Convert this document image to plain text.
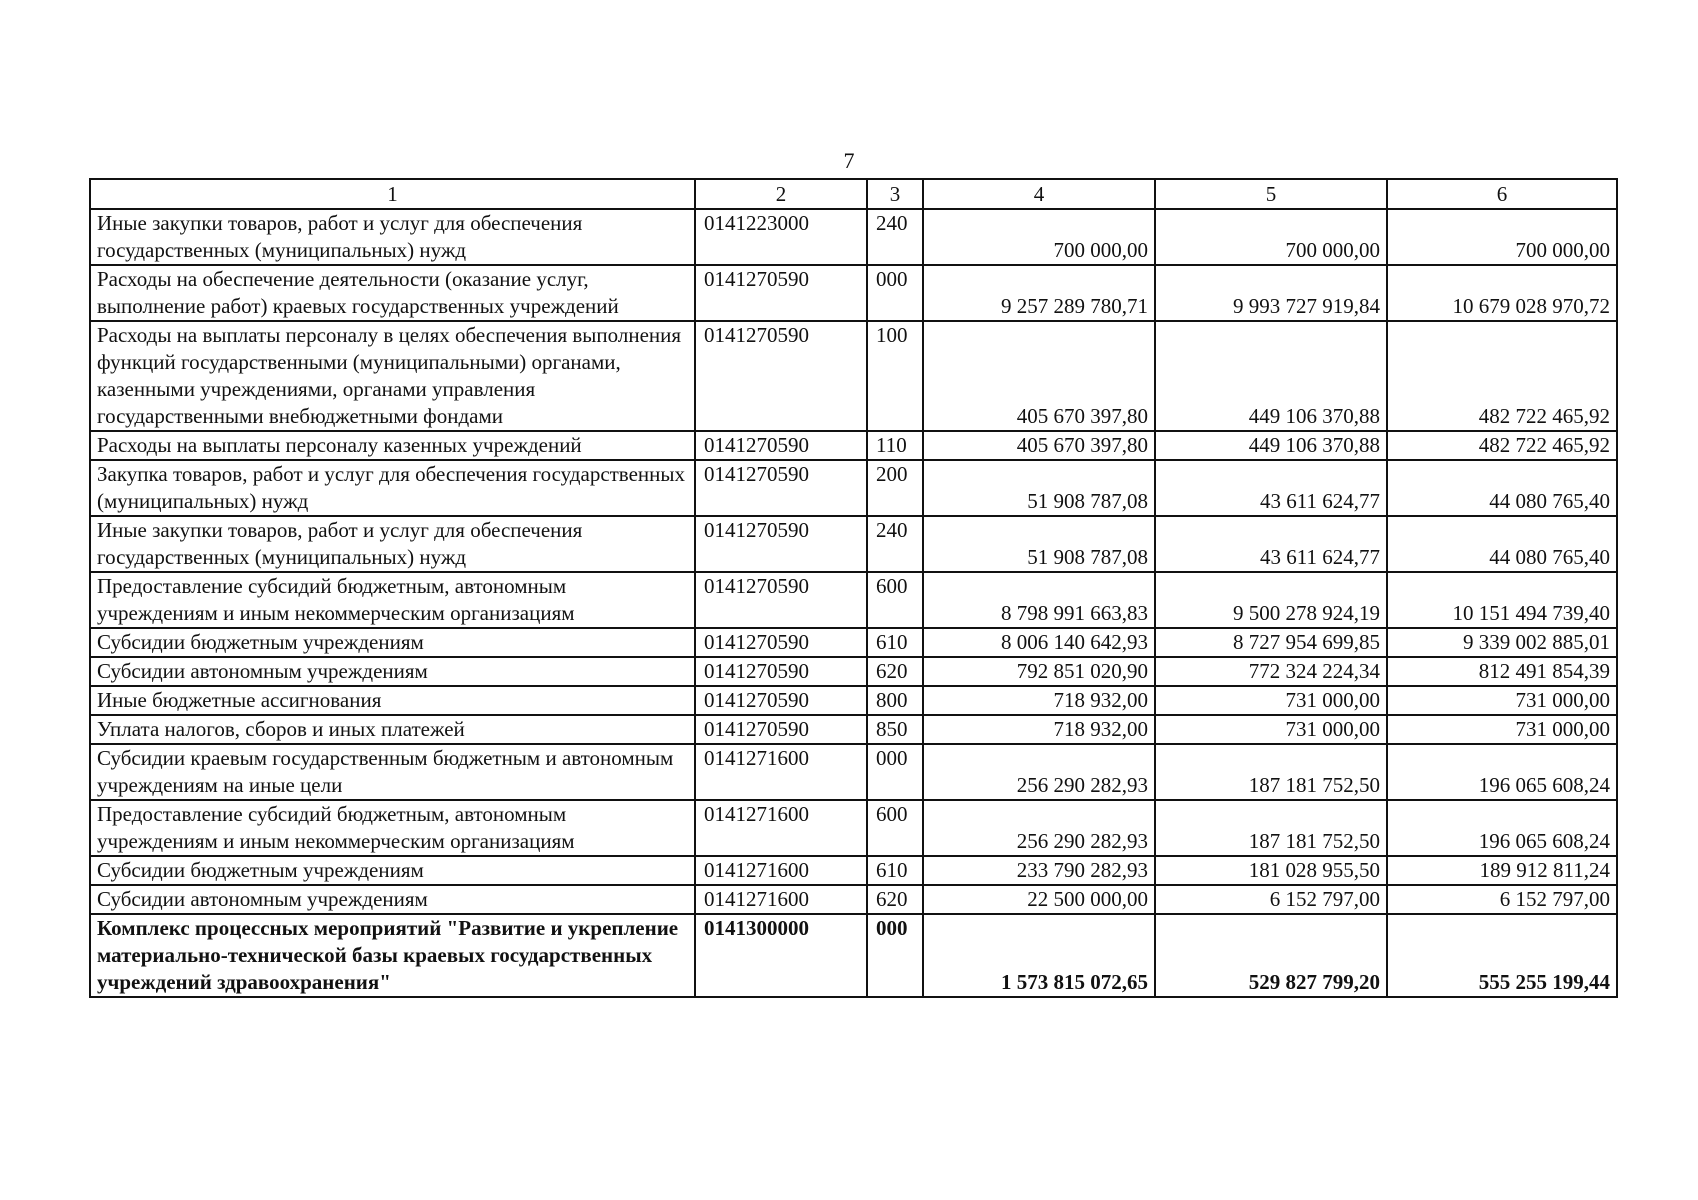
7
1	2	3	4	5	6
Иные закупки товаров, работ и услуг для обеспечения государственных (муниципальных) нужд	0141223000	240	700 000,00	700 000,00	700 000,00
Расходы на обеспечение деятельности (оказание услуг, выполнение работ) краевых государственных учреждений	0141270590	000	9 257 289 780,71	9 993 727 919,84	10 679 028 970,72
Расходы на выплаты персоналу в целях обеспечения выполнения функций государственными (муниципальными) органами, казенными учреждениями, органами управления государственными внебюджетными фондами	0141270590	100	405 670 397,80	449 106 370,88	482 722 465,92
Расходы на выплаты персоналу казенных учреждений	0141270590	110	405 670 397,80	449 106 370,88	482 722 465,92
Закупка товаров, работ и услуг для обеспечения государственных (муниципальных) нужд	0141270590	200	51 908 787,08	43 611 624,77	44 080 765,40
Иные закупки товаров, работ и услуг для обеспечения государственных (муниципальных) нужд	0141270590	240	51 908 787,08	43 611 624,77	44 080 765,40
Предоставление субсидий бюджетным, автономным учреждениям и иным некоммерческим организациям	0141270590	600	8 798 991 663,83	9 500 278 924,19	10 151 494 739,40
Субсидии бюджетным учреждениям	0141270590	610	8 006 140 642,93	8 727 954 699,85	9 339 002 885,01
Субсидии автономным учреждениям	0141270590	620	792 851 020,90	772 324 224,34	812 491 854,39
Иные бюджетные ассигнования	0141270590	800	718 932,00	731 000,00	731 000,00
Уплата налогов, сборов и иных платежей	0141270590	850	718 932,00	731 000,00	731 000,00
Субсидии краевым государственным бюджетным и автономным учреждениям на иные цели	0141271600	000	256 290 282,93	187 181 752,50	196 065 608,24
Предоставление субсидий бюджетным, автономным учреждениям и иным некоммерческим организациям	0141271600	600	256 290 282,93	187 181 752,50	196 065 608,24
Субсидии бюджетным учреждениям	0141271600	610	233 790 282,93	181 028 955,50	189 912 811,24
Субсидии автономным учреждениям	0141271600	620	22 500 000,00	6 152 797,00	6 152 797,00
Комплекс процессных мероприятий "Развитие и укрепление материально-технической базы краевых государственных учреждений здравоохранения"	0141300000	000	1 573 815 072,65	529 827 799,20	555 255 199,44
